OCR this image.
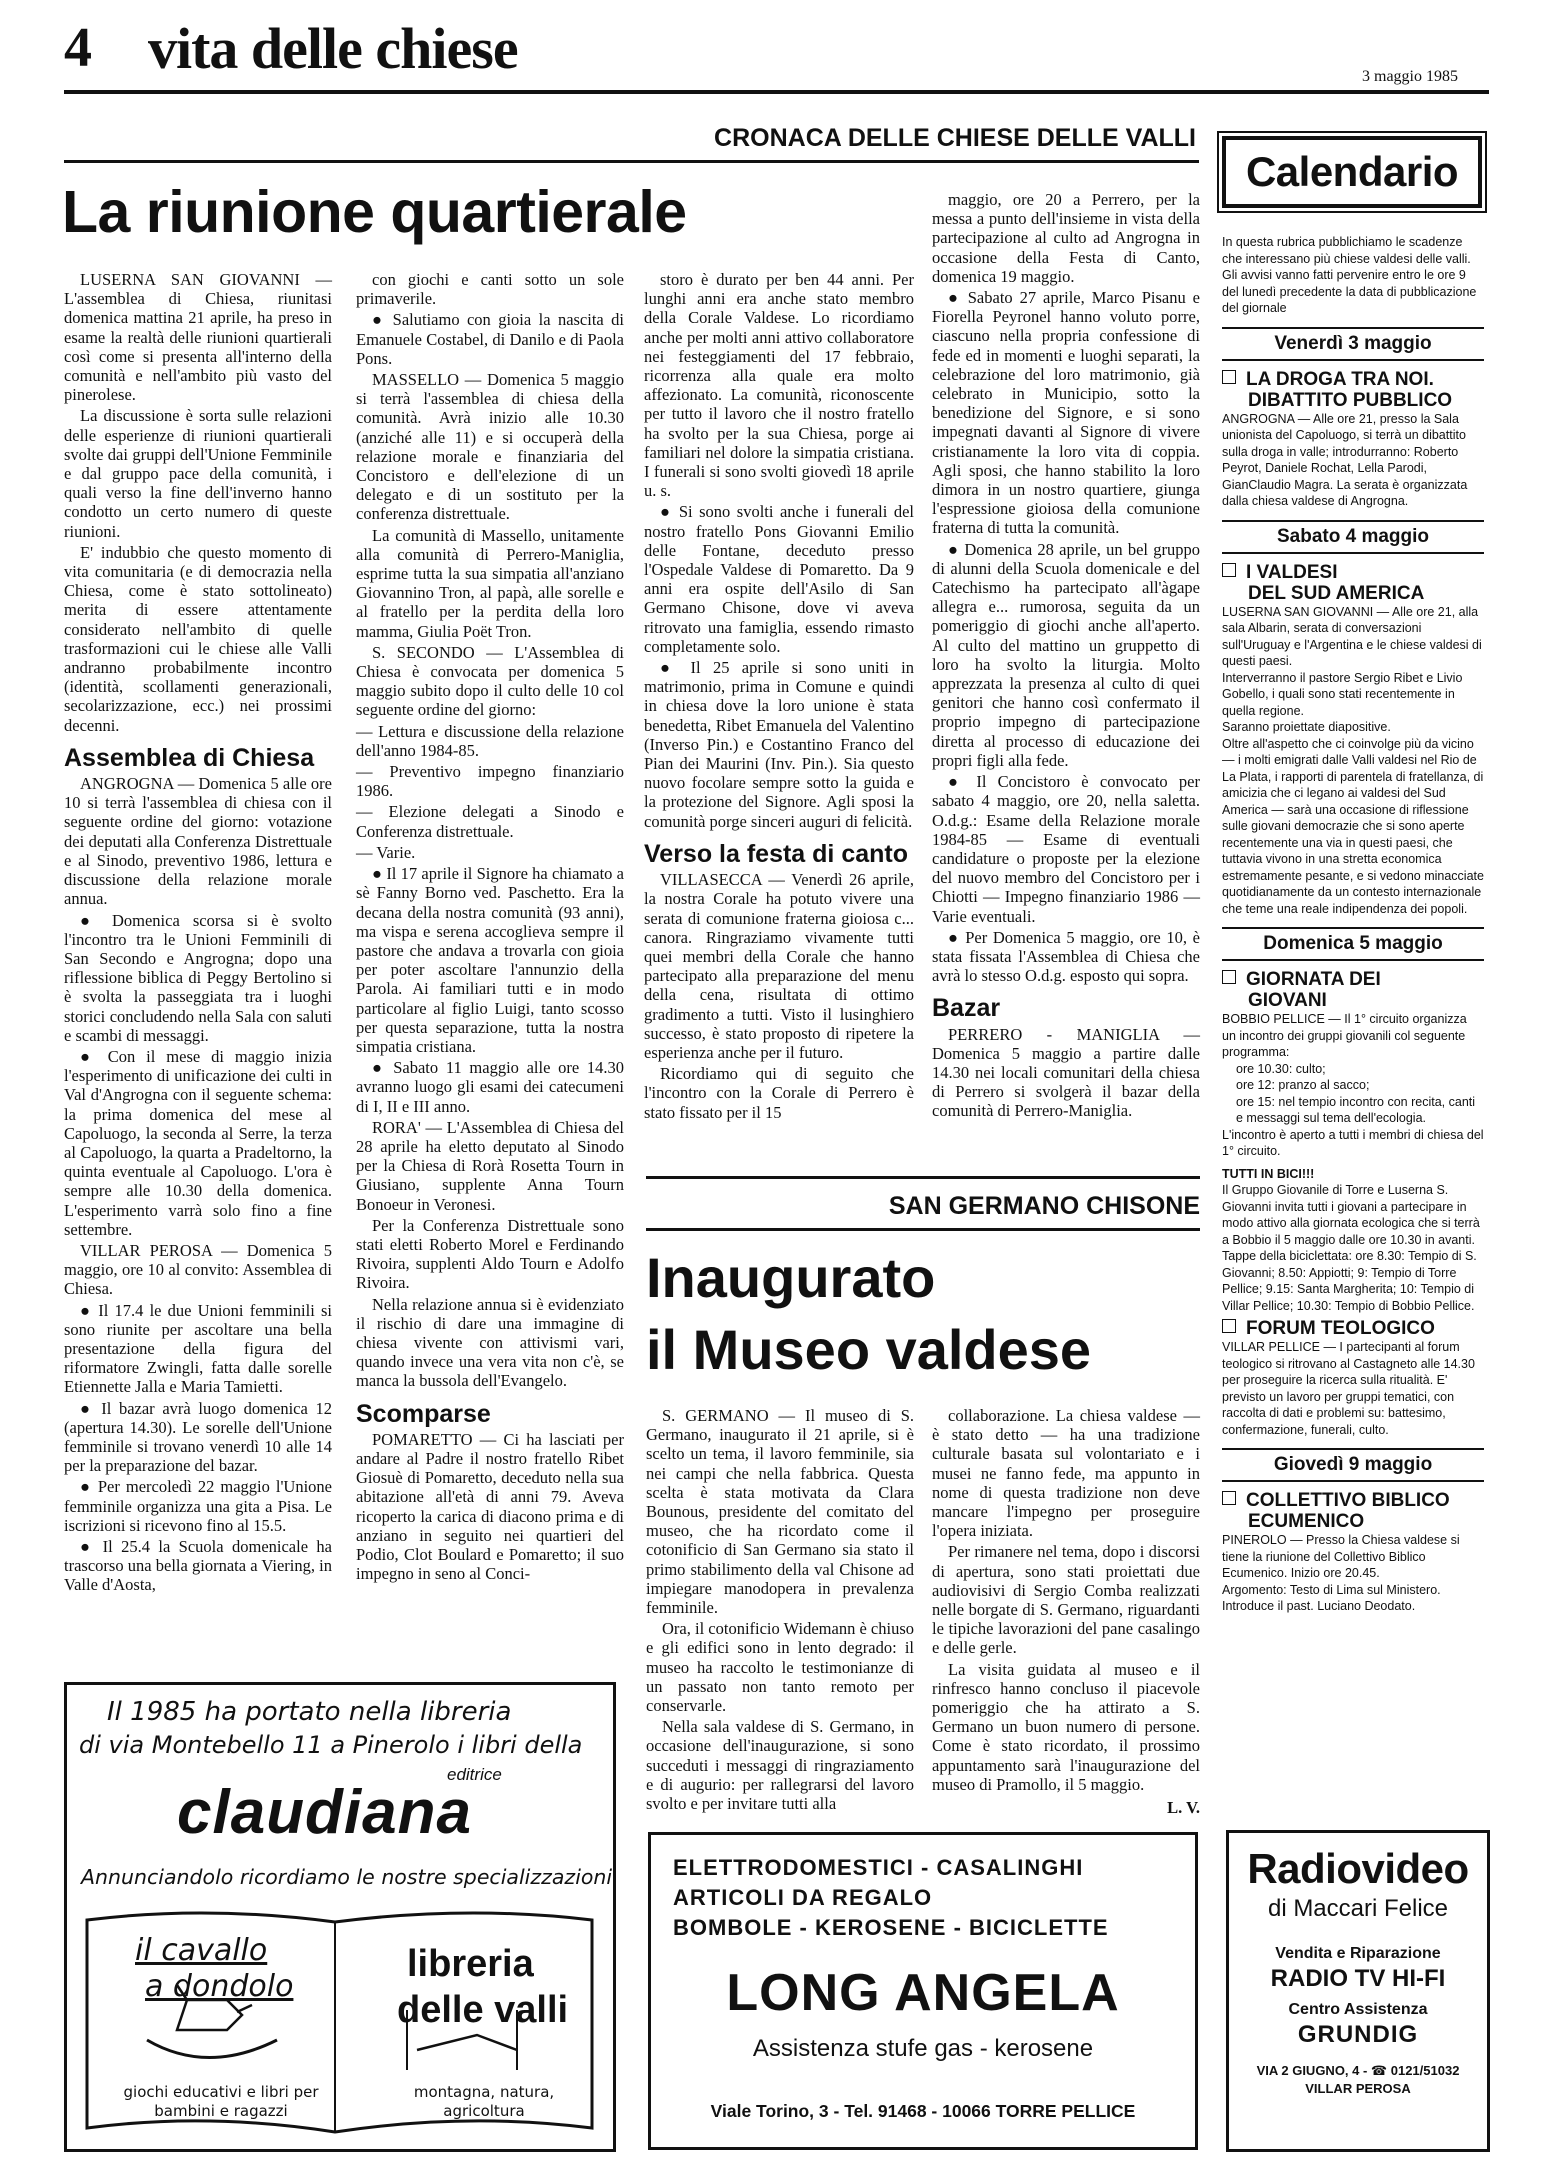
4 vita delle chiese	3 maggio 1985
CRONACA DELLE CHIESE DELLE VALLI
La riunione quartierale

LUSERNA SAN GIOVANNI — L'assemblea di Chiesa, riunitasi domenica mattina 21 aprile, ha preso in esame la realtà delle riunioni quartierali così come si presenta all'interno della comunità e nell'ambito più vasto del pinerolese.

La discussione è sorta sulle relazioni delle esperienze di riunioni quartierali svolte dai gruppi dell'Unione Femminile e dal gruppo pace della comunità, i quali verso la fine dell'inverno hanno condotto un certo numero di queste riunioni.

E' indubbio che questo momento di vita comunitaria (e di democrazia nella Chiesa, come è stato sottolineato) merita di essere attentamente considerato nell'ambito di quelle trasformazioni cui le chiese alle Valli andranno probabilmente incontro (identità, scollamenti generazionali, secolarizzazione, ecc.) nei prossimi decenni.

Assemblea di Chiesa

ANGROGNA — Domenica 5 alle ore 10 si terrà l'assemblea di chiesa con il seguente ordine del giorno: votazione dei deputati alla Conferenza Distrettuale e al Sinodo, preventivo 1986, lettura e discussione della relazione morale annua.

● Domenica scorsa si è svolto l'incontro tra le Unioni Femminili di San Secondo e Angrogna; dopo una riflessione biblica di Peggy Bertolino si è svolta la passeggiata tra i luoghi storici concludendo nella Sala con saluti e scambi di messaggi.

● Con il mese di maggio inizia l'esperimento di unificazione dei culti in Val d'Angrogna con il seguente schema: la prima domenica del mese al Capoluogo, la seconda al Serre, la terza al Capoluogo, la quarta a Pradeltorno, la quinta eventuale al Capoluogo. L'ora è sempre alle 10.30 della domenica. L'esperimento varrà solo fino a fine settembre.

VILLAR PEROSA — Domenica 5 maggio, ore 10 al convito: Assemblea di Chiesa.

● Il 17.4 le due Unioni femminili si sono riunite per ascoltare una bella presentazione della figura del riformatore Zwingli, fatta dalle sorelle Etiennette Jalla e Maria Tamietti.

● Il bazar avrà luogo domenica 12 (apertura 14.30). Le sorelle dell'Unione femminile si trovano venerdì 10 alle 14 per la preparazione del bazar.

● Per mercoledì 22 maggio l'Unione femminile organizza una gita a Pisa. Le iscrizioni si ricevono fino al 15.5.

● Il 25.4 la Scuola domenicale ha trascorso una bella giornata a Viering, in Valle d'Aosta,

con giochi e canti sotto un sole primaverile.

● Salutiamo con gioia la nascita di Emanuele Costabel, di Danilo e di Paola Pons.

MASSELLO — Domenica 5 maggio si terrà l'assemblea di chiesa della comunità. Avrà inizio alle 10.30 (anziché alle 11) e si occuperà della relazione morale e finanziaria del Concistoro e dell'elezione di un delegato e di un sostituto per la conferenza distrettuale.

La comunità di Massello, unitamente alla comunità di Perrero-Maniglia, esprime tutta la sua simpatia all'anziano Giovannino Tron, al papà, alle sorelle e al fratello per la perdita della loro mamma, Giulia Poët Tron.

S. SECONDO — L'Assemblea di Chiesa è convocata per domenica 5 maggio subito dopo il culto delle 10 col seguente ordine del giorno:

— Lettura e discussione della relazione dell'anno 1984-85.

— Preventivo impegno finanziario 1986.

— Elezione delegati a Sinodo e Conferenza distrettuale.

— Varie.

● Il 17 aprile il Signore ha chiamato a sè Fanny Borno ved. Paschetto. Era la decana della nostra comunità (93 anni), ma vispa e serena accoglieva sempre il pastore che andava a trovarla con gioia per poter ascoltare l'annunzio della Parola. Ai familiari tutti e in modo particolare al figlio Luigi, tanto scosso per questa separazione, tutta la nostra simpatia cristiana.

● Sabato 11 maggio alle ore 14.30 avranno luogo gli esami dei catecumeni di I, II e III anno.

RORA' — L'Assemblea di Chiesa del 28 aprile ha eletto deputato al Sinodo per la Chiesa di Rorà Rosetta Tourn in Giusiano, supplente Anna Tourn Bonoeur in Veronesi.

Per la Conferenza Distrettuale sono stati eletti Roberto Morel e Ferdinando Rivoira, supplenti Aldo Tourn e Adolfo Rivoira.

Nella relazione annua si è evidenziato il rischio di dare una immagine di chiesa vivente con attivismi vari, quando invece una vera vita non c'è, se manca la bussola dell'Evangelo.

Scomparse

POMARETTO — Ci ha lasciati per andare al Padre il nostro fratello Ribet Giosuè di Pomaretto, deceduto nella sua abitazione all'età di anni 79. Aveva ricoperto la carica di diacono prima e di anziano in seguito nei quartieri del Podio, Clot Boulard e Pomaretto; il suo impegno in seno al Conci-

storo è durato per ben 44 anni. Per lunghi anni era anche stato membro della Corale Valdese. Lo ricordiamo anche per molti anni attivo collaboratore nei festeggiamenti del 17 febbraio, ricorrenza alla quale era molto affezionato. La comunità, riconoscente per tutto il lavoro che il nostro fratello ha svolto per la sua Chiesa, porge ai familiari nel dolore la simpatia cristiana. I funerali si sono svolti giovedì 18 aprile u. s.

● Si sono svolti anche i funerali del nostro fratello Pons Giovanni Emilio delle Fontane, deceduto presso l'Ospedale Valdese di Pomaretto. Da 9 anni era ospite dell'Asilo di San Germano Chisone, dove vi aveva ritrovato una famiglia, essendo rimasto completamente solo.

● Il 25 aprile si sono uniti in matrimonio, prima in Comune e quindi in chiesa dove la loro unione è stata benedetta, Ribet Emanuela del Valentino (Inverso Pin.) e Costantino Franco del Pian dei Maurini (Inv. Pin.). Sia questo nuovo focolare sempre sotto la guida e la protezione del Signore. Agli sposi la comunità porge sinceri auguri di felicità.

Verso la festa di canto

VILLASECCA — Venerdì 26 aprile, la nostra Corale ha potuto vivere una serata di comunione fraterna gioiosa c... canora. Ringraziamo vivamente tutti quei membri della Corale che hanno partecipato alla preparazione del menu della cena, risultata di ottimo gradimento a tutti. Visto il lusinghiero successo, è stato proposto di ripetere la esperienza anche per il futuro.

Ricordiamo qui di seguito che l'incontro con la Corale di Perrero è stato fissato per il 15

maggio, ore 20 a Perrero, per la messa a punto dell'insieme in vista della partecipazione al culto ad Angrogna in occasione della Festa di Canto, domenica 19 maggio.

● Sabato 27 aprile, Marco Pisanu e Fiorella Peyronel hanno voluto porre, ciascuno nella propria confessione di fede ed in momenti e luoghi separati, la celebrazione del loro matrimonio, già celebrato in Municipio, sotto la benedizione del Signore, e si sono impegnati davanti al Signore di vivere cristianamente la loro vita di coppia. Agli sposi, che hanno stabilito la loro dimora in un nostro quartiere, giunga l'espressione gioiosa della comunione fraterna di tutta la comunità.

● Domenica 28 aprile, un bel gruppo di alunni della Scuola domenicale e del Catechismo ha partecipato all'àgape allegra e... rumorosa, seguita da un pomeriggio di giochi anche all'aperto. Al culto del mattino un gruppetto di loro ha svolto la liturgia. Molto apprezzata la presenza al culto di quei genitori che hanno così confermato il proprio impegno di partecipazione diretta al processo di educazione dei propri figli alla fede.

● Il Concistoro è convocato per sabato 4 maggio, ore 20, nella saletta. O.d.g.: Esame della Relazione morale 1984-85 — Esame di eventuali candidature o proposte per la elezione del nuovo membro del Concistoro per i Chiotti — Impegno finanziario 1986 — Varie eventuali.

● Per Domenica 5 maggio, ore 10, è stata fissata l'Assemblea di Chiesa che avrà lo stesso O.d.g. esposto qui sopra.

Bazar

PERRERO - MANIGLIA — Domenica 5 maggio a partire dalle 14.30 nei locali comunitari della chiesa di Perrero si svolgerà il bazar della comunità di Perrero-Maniglia.

SAN GERMANO CHISONE
Inaugurato
il Museo valdese

S. GERMANO — Il museo di S. Germano, inaugurato il 21 aprile, si è scelto un tema, il lavoro femminile, sia nei campi che nella fabbrica. Questa scelta è stata motivata da Clara Bounous, presidente del comitato del museo, che ha ricordato come il cotonificio di San Germano sia stato il primo stabilimento della val Chisone ad impiegare manodopera in prevalenza femminile.

Ora, il cotonificio Widemann è chiuso e gli edifici sono in lento degrado: il museo ha raccolto le testimonianze di un passato non tanto remoto per conservarle.

Nella sala valdese di S. Germano, in occasione dell'inaugurazione, si sono succeduti i messaggi di ringraziamento e di augurio: per rallegrarsi del lavoro svolto e per invitare tutti alla

collaborazione. La chiesa valdese — è stato detto — ha una tradizione culturale basata sul volontariato e i musei ne fanno fede, ma appunto in nome di questa tradizione non deve mancare l'impegno per proseguire l'opera iniziata.

Per rimanere nel tema, dopo i discorsi di apertura, sono stati proiettati due audiovisivi di Sergio Comba realizzati nelle borgate di S. Germano, riguardanti le tipiche lavorazioni del pane casalingo e delle gerle.

La visita guidata al museo e il rinfresco hanno concluso il piacevole pomeriggio che ha attirato a S. Germano un buon numero di persone. Come è stato ricordato, il prossimo appuntamento sarà l'inaugurazione del museo di Pramollo, il 5 maggio.

L. V.
Calendario

In questa rubrica pubblichiamo le scadenze che interessano più chiese valdesi delle valli. Gli avvisi vanno fatti pervenire entro le ore 9 del lunedì precedente la data di pubblicazione del giornale

Venerdì 3 maggio

LA DROGA TRA NOI.

DIBATTITO PUBBLICO

ANGROGNA — Alle ore 21, presso la Sala unionista del Capoluogo, si terrà un dibattito sulla droga in valle; introdurranno: Roberto Peyrot, Daniele Rochat, Lella Parodi, GianClaudio Magra. La serata è organizzata dalla chiesa valdese di Angrogna.

Sabato 4 maggio

I VALDESI

DEL SUD AMERICA

LUSERNA SAN GIOVANNI — Alle ore 21, alla sala Albarin, serata di conversazioni sull'Uruguay e l'Argentina e le chiese valdesi di questi paesi.

Interverranno il pastore Sergio Ribet e Livio Gobello, i quali sono stati recentemente in quella regione.

Saranno proiettate diapositive.

Oltre all'aspetto che ci coinvolge più da vicino — i molti emigrati dalle Valli valdesi nel Rio de La Plata, i rapporti di parentela di fratellanza, di amicizia che ci legano ai valdesi del Sud America — sarà una occasione di riflessione sulle giovani democrazie che si sono aperte recentemente una via in questi paesi, che tuttavia vivono in una stretta economica estremamente pesante, e si vedono minacciate quotidianamente da un contesto internazionale che teme una reale indipendenza dei popoli.

Domenica 5 maggio

GIORNATA DEI

GIOVANI

BOBBIO PELLICE — Il 1° circuito organizza un incontro dei gruppi giovanili col seguente programma:

ore 10.30: culto;

ore 12: pranzo al sacco;

ore 15: nel tempio incontro con recita, canti e messaggi sul tema dell'ecologia.

L'incontro è aperto a tutti i membri di chiesa del 1° circuito.

TUTTI IN BICI!!!

Il Gruppo Giovanile di Torre e Luserna S. Giovanni invita tutti i giovani a partecipare in modo attivo alla giornata ecologica che si terrà a Bobbio il 5 maggio dalle ore 10.30 in avanti.

Tappe della biciclettata: ore 8.30: Tempio di S. Giovanni; 8.50: Appiotti; 9: Tempio di Torre Pellice; 9.15: Santa Margherita; 10: Tempio di Villar Pellice; 10.30: Tempio di Bobbio Pellice.

FORUM TEOLOGICO

VILLAR PELLICE — I partecipanti al forum teologico si ritrovano al Castagneto alle 14.30 per proseguire la ricerca sulla ritualità. E' previsto un lavoro per gruppi tematici, con raccolta di dati e problemi su: battesimo, confermazione, funerali, culto.

Giovedì 9 maggio

COLLETTIVO BIBLICO

ECUMENICO

PINEROLO — Presso la Chiesa valdese si tiene la riunione del Collettivo Biblico Ecumenico. Inizio ore 20.45.

Argomento: Testo di Lima sul Ministero.

Introduce il past. Luciano Deodato.

Il 1985 ha portato nella libreria
di via Montebello 11 a Pinerolo i libri della
editrice
claudiana
Annunciandolo ricordiamo le nostre specializzazioni
il cavallo
a dondolo
giochi educativi e libri per bambini e ragazzi
libreria
delle valli
montagna, natura, agricoltura
ELETTRODOMESTICI - CASALINGHI
ARTICOLI DA REGALO
BOMBOLE - KEROSENE - BICICLETTE
LONG ANGELA
Assistenza stufe gas - kerosene
Viale Torino, 3 - Tel. 91468 - 10066 TORRE PELLICE
Radiovideo
di Maccari Felice
Vendita e Riparazione
RADIO TV HI-FI
Centro Assistenza
GRUNDIG
VIA 2 GIUGNO, 4 - ☎ 0121/51032
VILLAR PEROSA
